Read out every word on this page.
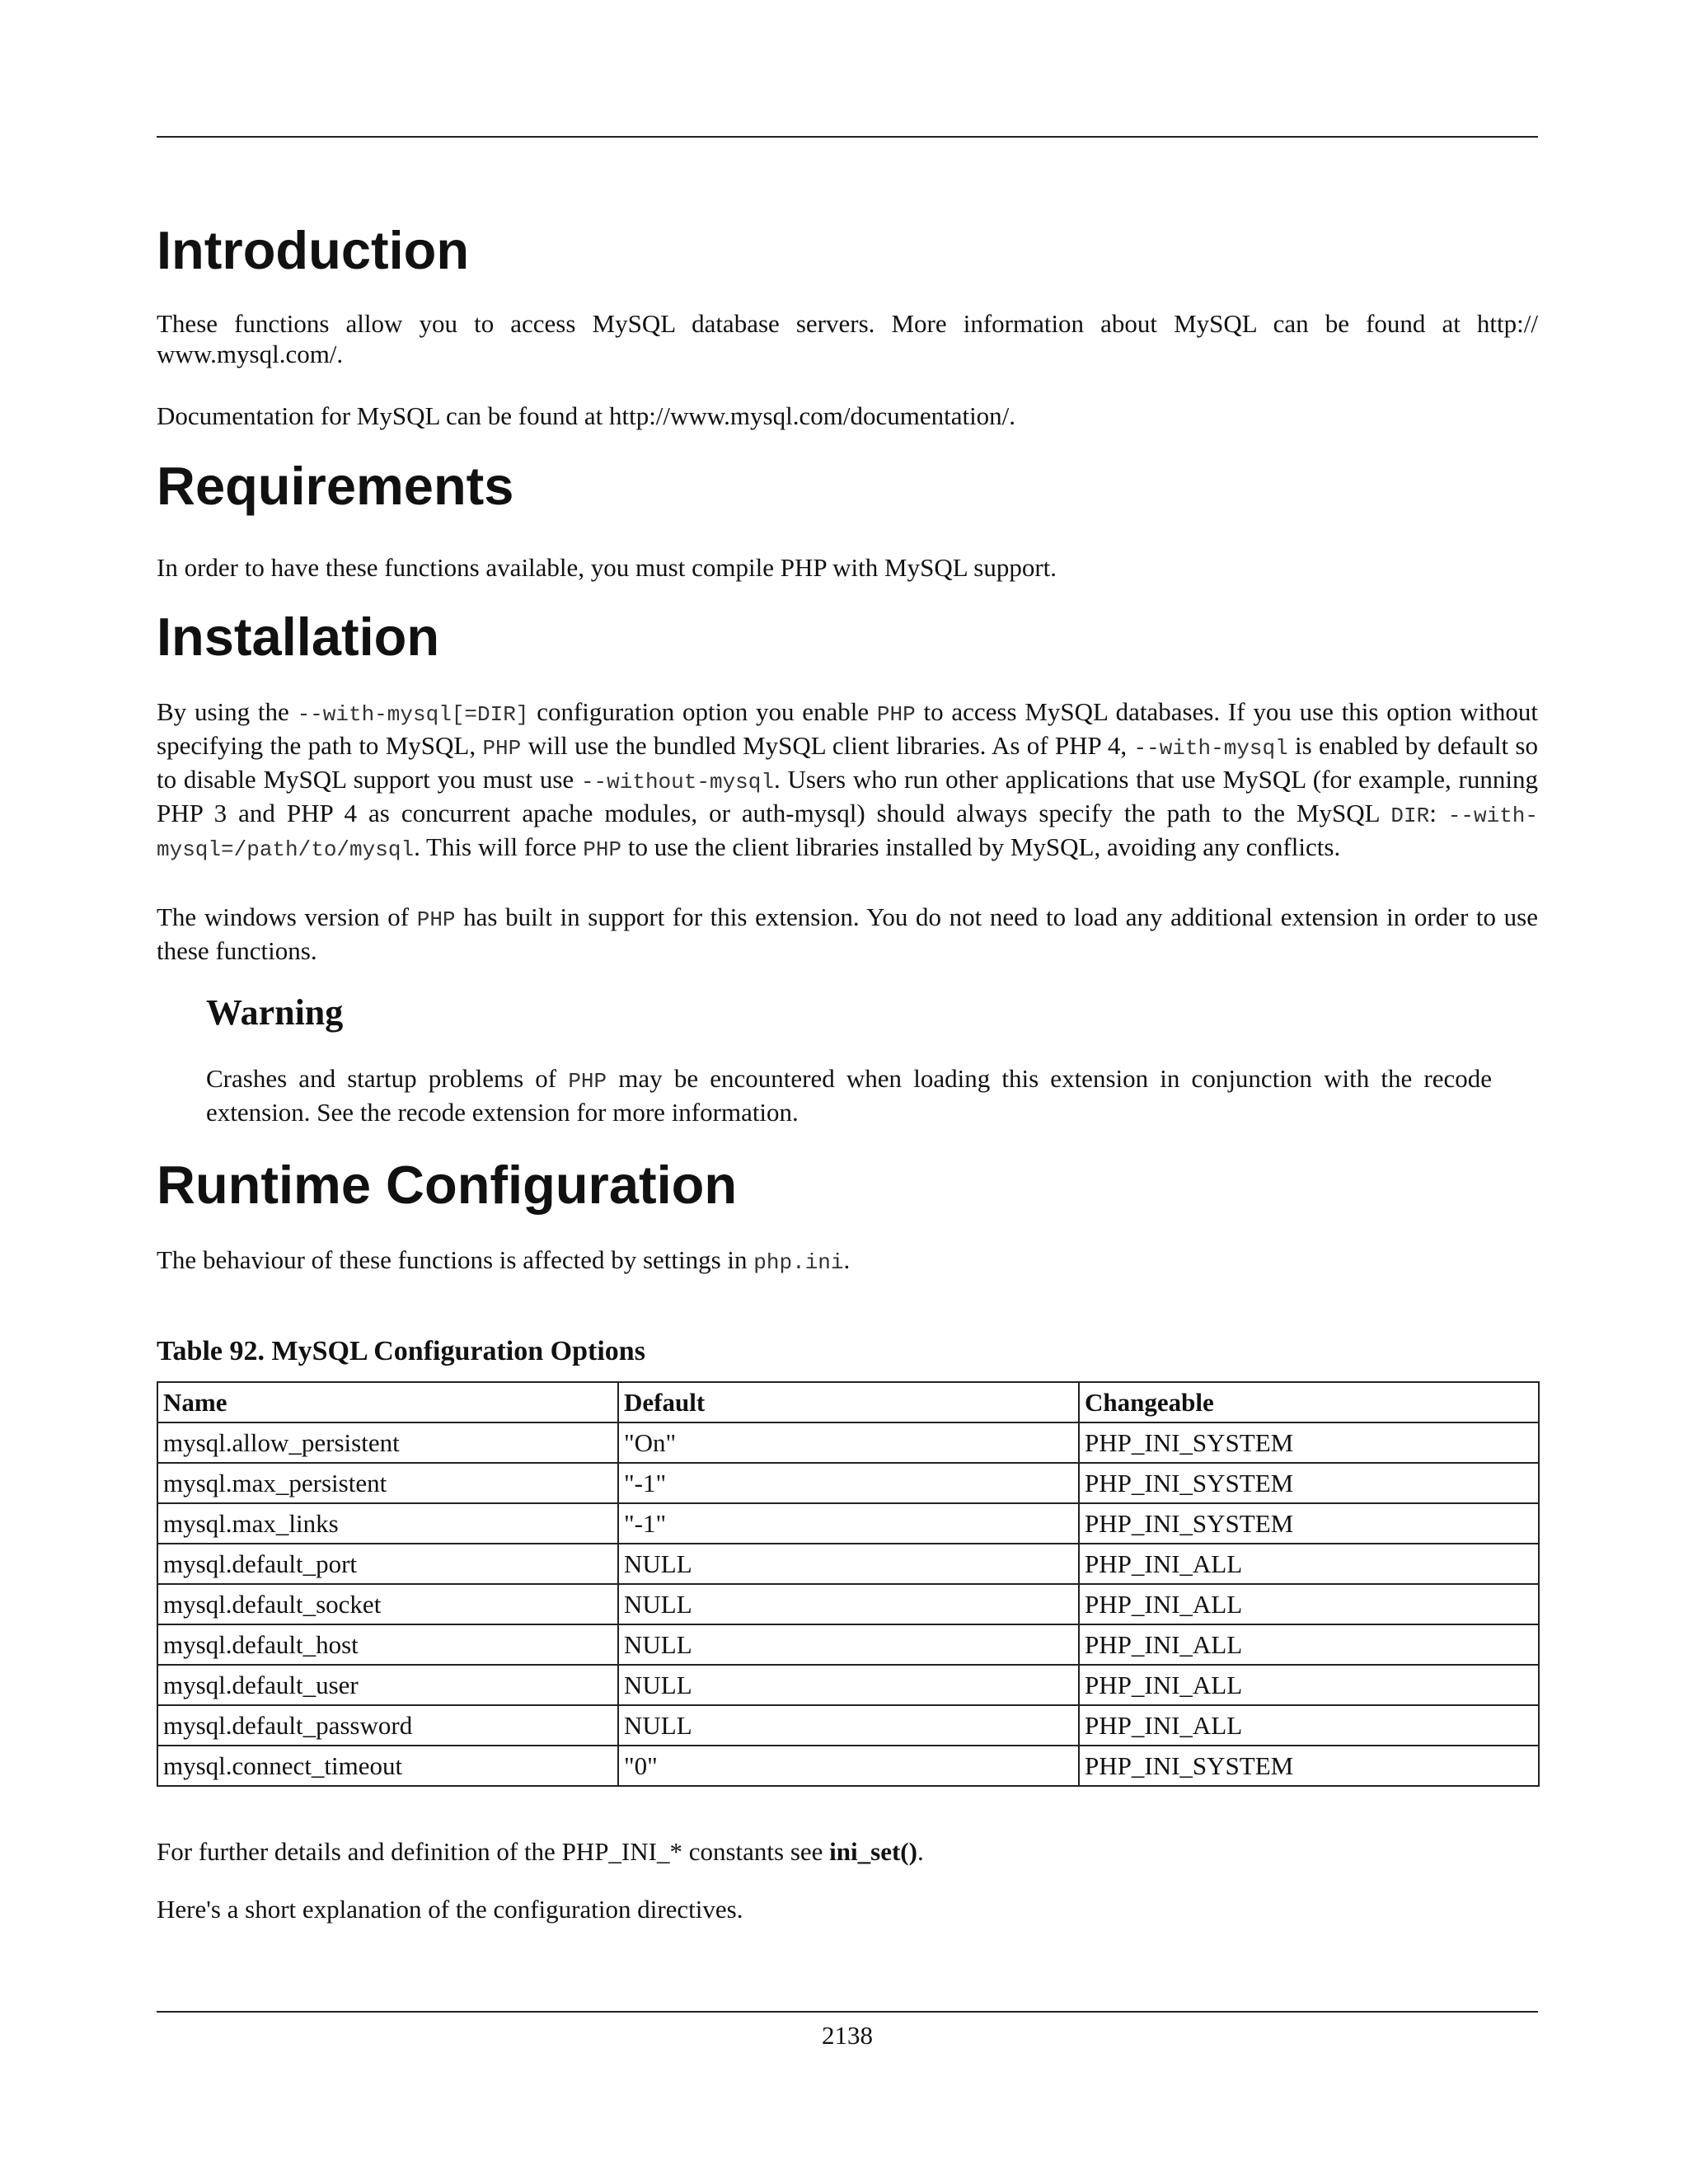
Introduction

These functions allow you to access MySQL database servers. More information about MySQL can be found at http:// www.mysql.com/.

Documentation for MySQL can be found at http://www.mysql.com/documentation/.

Requirements

In order to have these functions available, you must compile PHP with MySQL support.

Installation
By using the --with-mysql[=DIR] configuration option you enable PHP to access MySQL databases. If you use this option without specifying the path to MySQL, PHP will use the bundled MySQL client libraries. As of PHP 4, --with-mysql is enabled by default so to disable MySQL support you must use --without-mysql. Users who run other applications that use MySQL (for example, running PHP 3 and PHP 4 as concurrent apache modules, or auth-mysql) should always specify the path to the MySQL DIR: --with-mysql=/path/to/mysql. This will force PHP to use the client libraries installed by MySQL, avoiding any conflicts.
The windows version of PHP has built in support for this extension. You do not need to load any additional extension in order to use these functions.
Warning
Crashes and startup problems of PHP may be encountered when loading this extension in conjunction with the recode extension. See the recode extension for more information.
Runtime Configuration
The behaviour of these functions is affected by settings in php.ini.
Table 92. MySQL Configuration Options
Name	Default	Changeable
mysql.allow_persistent	"On"	PHP_INI_SYSTEM
mysql.max_persistent	"-1"	PHP_INI_SYSTEM
mysql.max_links	"-1"	PHP_INI_SYSTEM
mysql.default_port	NULL	PHP_INI_ALL
mysql.default_socket	NULL	PHP_INI_ALL
mysql.default_host	NULL	PHP_INI_ALL
mysql.default_user	NULL	PHP_INI_ALL
mysql.default_password	NULL	PHP_INI_ALL
mysql.connect_timeout	"0"	PHP_INI_SYSTEM
For further details and definition of the PHP_INI_* constants see ini_set().

Here's a short explanation of the configuration directives.

2138
